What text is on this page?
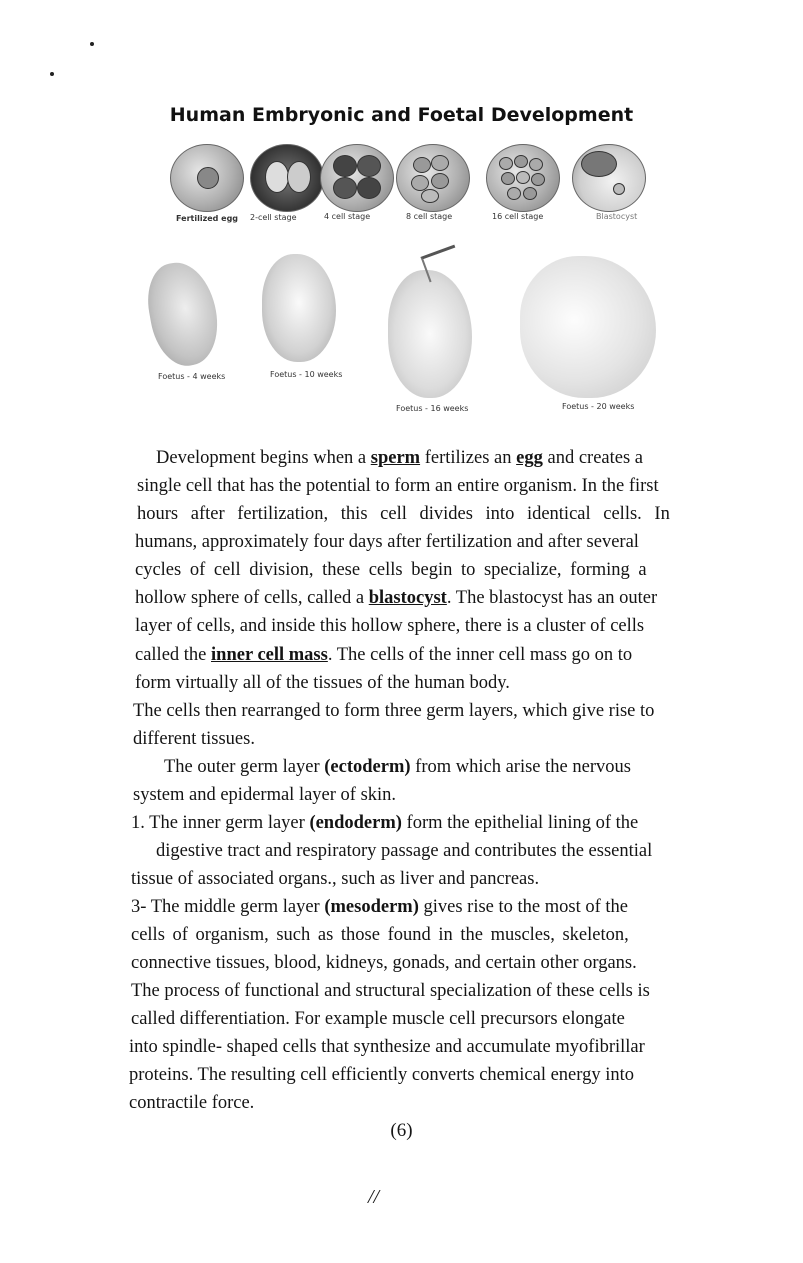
Human Embryonic and Foetal Development
Fertilized egg 2-cell stage	4 cell stage	8 cell stage	16 cell stage	Blastocyst
Foetus - 4 weeks	Foetus - 10 weeks
Foetus - 16 weeks	Foetus - 20 weeks
Development begins when a sperm fertilizes an egg and creates a
single cell that has the potential to form an entire organism. In the first
hours after fertilization, this cell divides into identical cells. In
humans, approximately four days after fertilization and after several
cycles of cell division, these cells begin to specialize, forming a
hollow sphere of cells, called a blastocyst. The blastocyst has an outer
layer of cells, and inside this hollow sphere, there is a cluster of cells
called the inner cell mass. The cells of the inner cell mass go on to
form virtually all of the tissues of the human body.
The cells then rearranged to form three germ layers, which give rise to
different tissues.
The outer germ layer (ectoderm) from which arise the nervous
system and epidermal layer of skin.
1. The inner germ layer (endoderm) form the epithelial lining of the
digestive tract and respiratory passage and contributes the essential
tissue of associated organs., such as liver and pancreas.
3- The middle germ layer (mesoderm) gives rise to the most of the
cells of organism, such as those found in the muscles, skeleton,
connective tissues, blood, kidneys, gonads, and certain other organs.
The process of functional and structural specialization of these cells is
called differentiation. For example muscle cell precursors elongate
into spindle- shaped cells that synthesize and accumulate myofibrillar
proteins. The resulting cell efficiently converts chemical energy into
contractile force.
(6)
//
